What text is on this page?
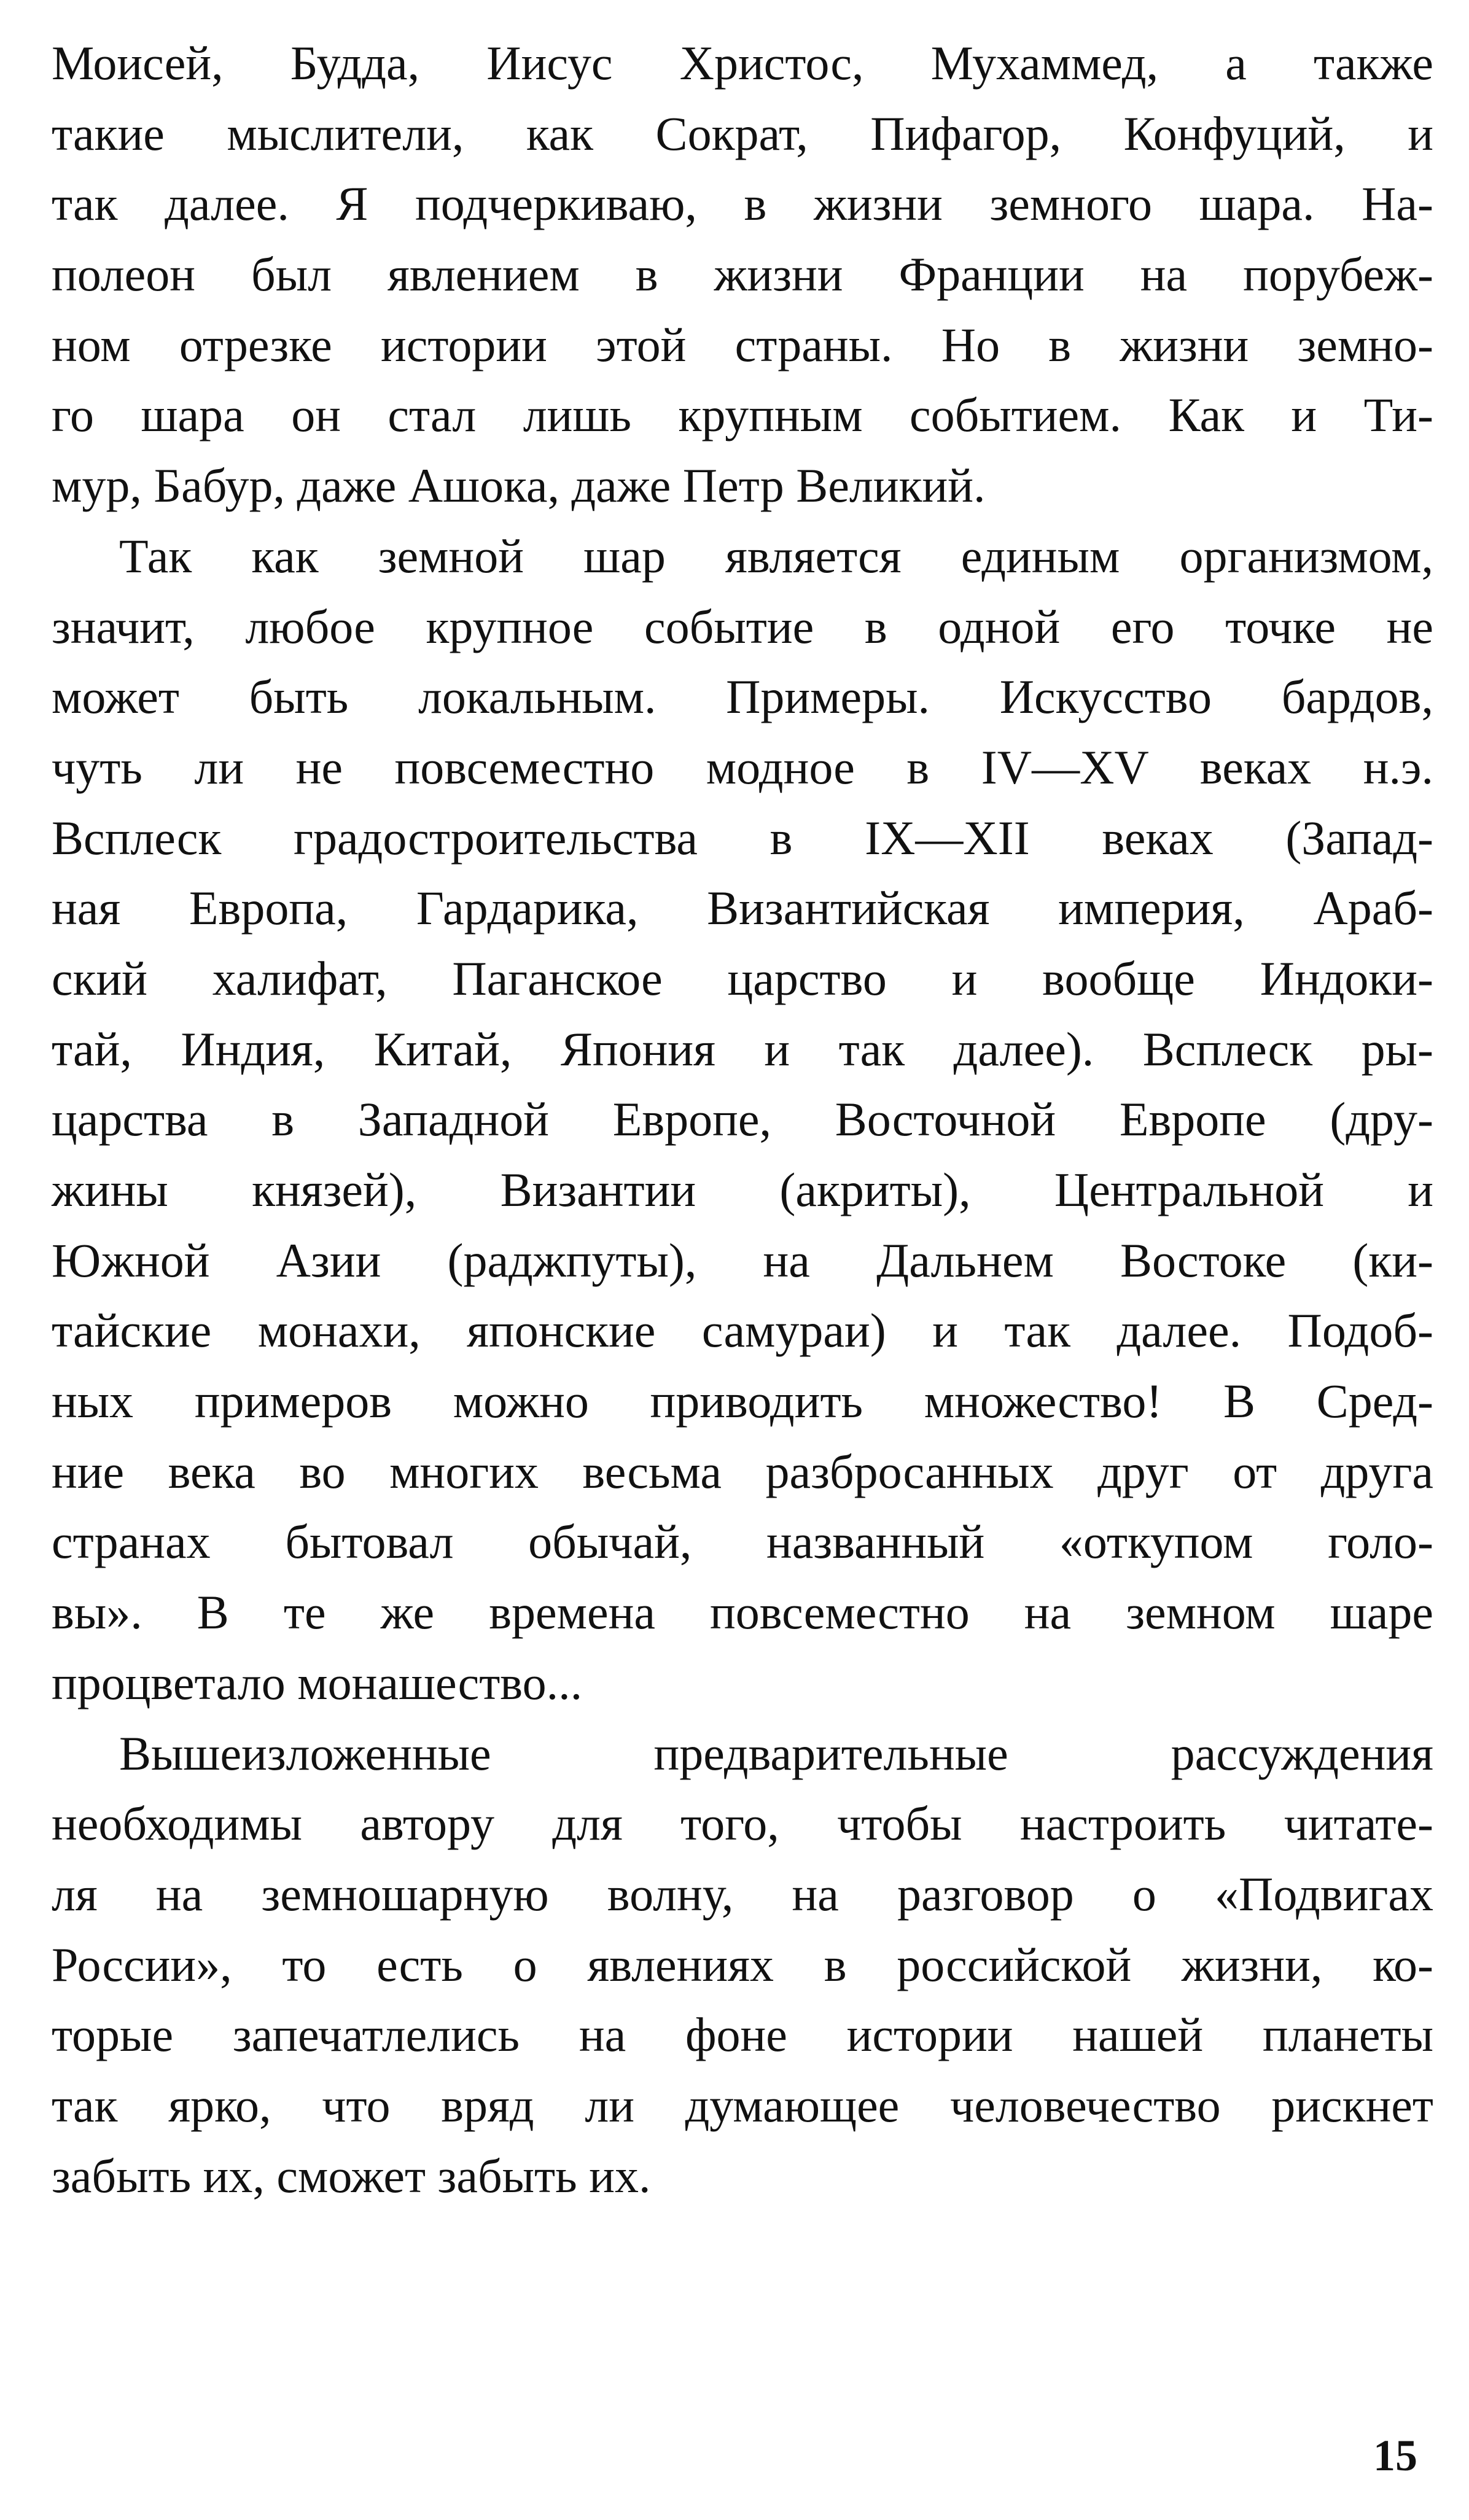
Моисей, Будда, Иисус Христос, Мухаммед, а также
такие мыслители, как Сократ, Пифагор, Конфуций, и
так далее. Я подчеркиваю, в жизни земного шара. На-
полеон был явлением в жизни Франции на порубеж-
ном отрезке истории этой страны. Но в жизни земно-
го шара он стал лишь крупным событием. Как и Ти-
мур, Бабур, даже Ашока, даже Петр Великий.
Так как земной шар является единым организмом,
значит, любое крупное событие в одной его точке не
может быть локальным. Примеры. Искусство бардов,
чуть ли не повсеместно модное в IV—XV веках н.э.
Всплеск градостроительства в IX—XII веках (Запад-
ная Европа, Гардарика, Византийская империя, Араб-
ский халифат, Паганское царство и вообще Индоки-
тай, Индия, Китай, Япония и так далее). Всплеск ры-
царства в Западной Европе, Восточной Европе (дру-
жины князей), Византии (акриты), Центральной и
Южной Азии (раджпуты), на Дальнем Востоке (ки-
тайские монахи, японские самураи) и так далее. Подоб-
ных примеров можно приводить множество! В Сред-
ние века во многих весьма разбросанных друг от друга
странах бытовал обычай, названный «откупом голо-
вы». В те же времена повсеместно на земном шаре
процветало монашество...
Вышеизложенные предварительные рассуждения
необходимы автору для того, чтобы настроить читате-
ля на земношарную волну, на разговор о «Подвигах
России», то есть о явлениях в российской жизни, ко-
торые запечатлелись на фоне истории нашей планеты
так ярко, что вряд ли думающее человечество рискнет
забыть их, сможет забыть их.
15
